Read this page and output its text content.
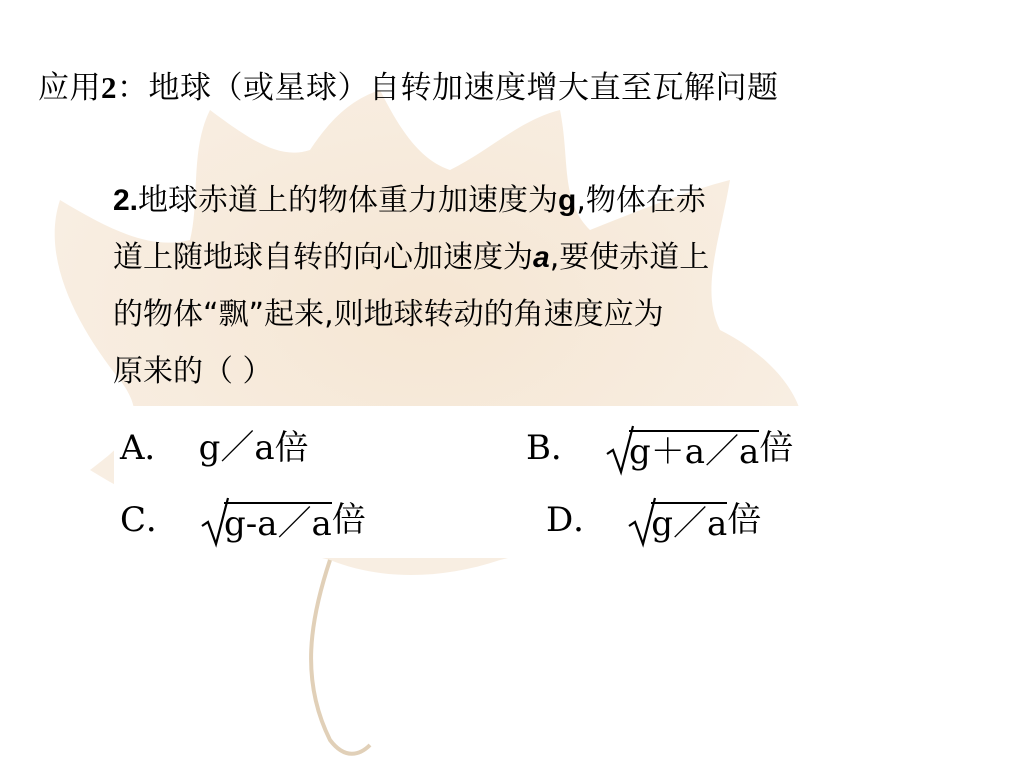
应用2：地球（或星球）自转加速度增大直至瓦解问题
2.地球赤道上的物体重力加速度为g,物体在赤
道上随地球自转的向心加速度为a,要使赤道上
的物体“飘”起来,则地球转动的角速度应为
原来的（ ）
A． g／a倍	B． g＋a／a倍
C． g‐a／a倍	D． g／a倍
